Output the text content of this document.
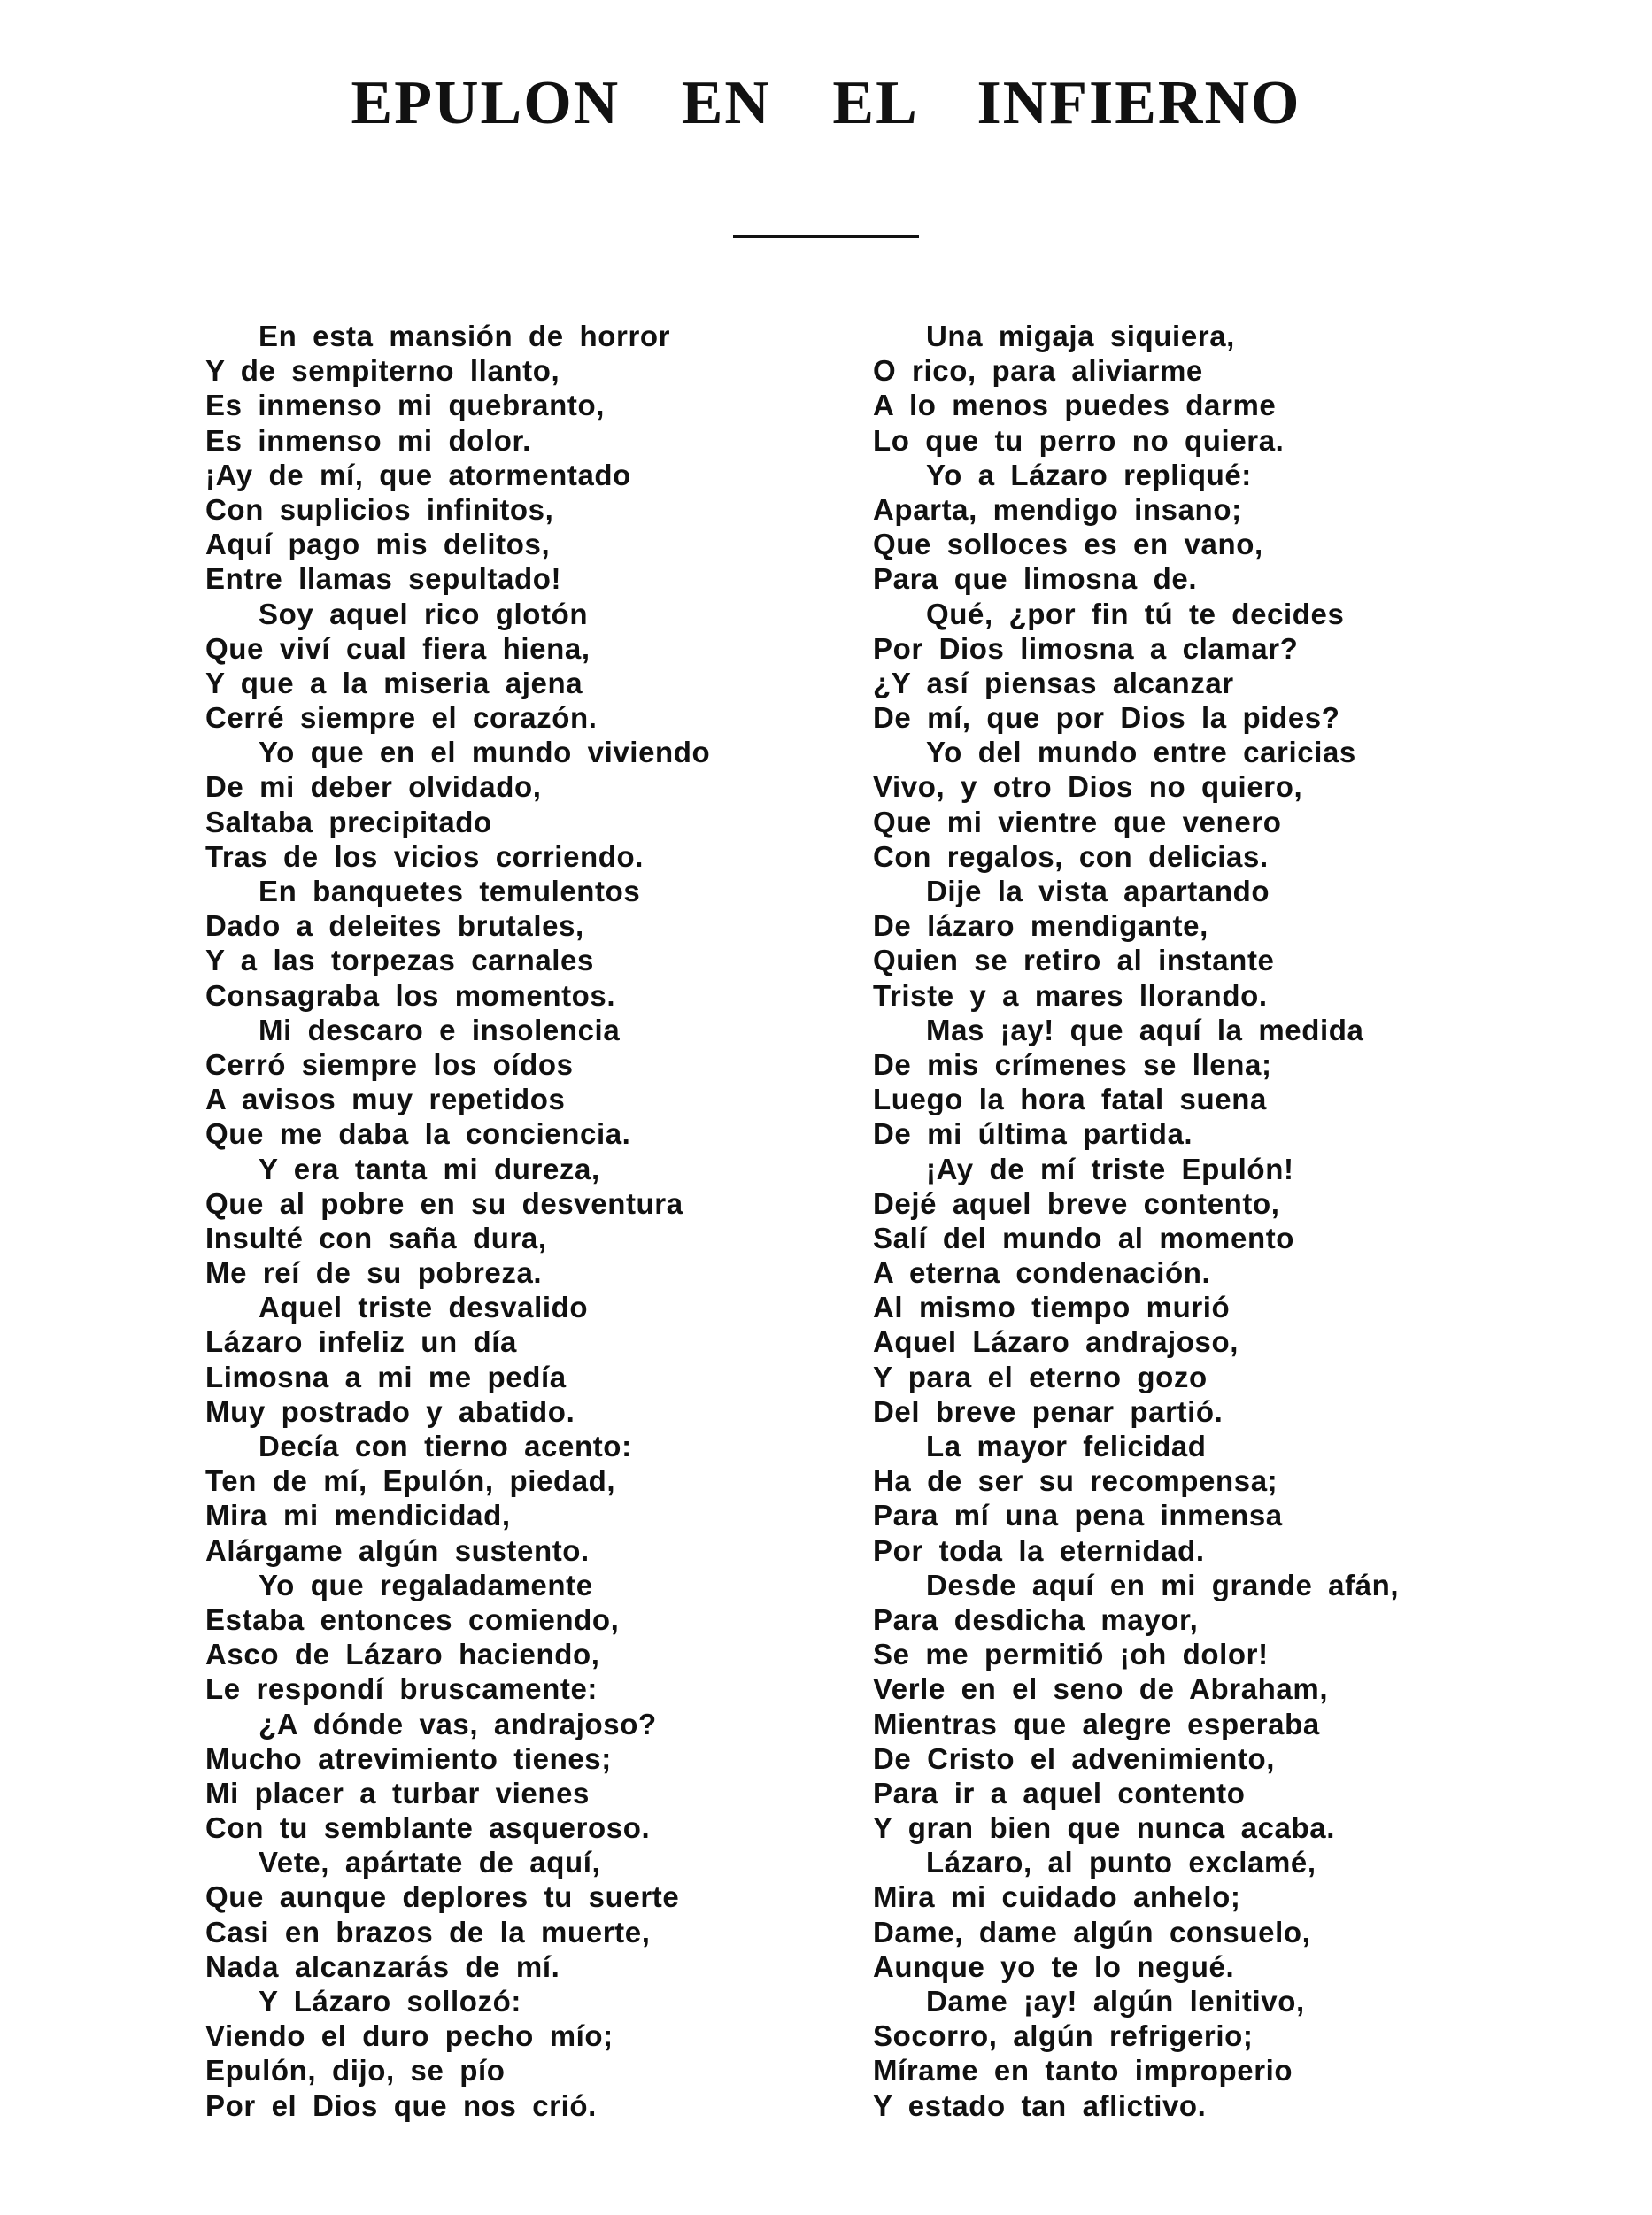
EPULON EN EL INFIERNO
En esta mansión de horror
Y de sempiterno llanto,
Es inmenso mi quebranto,
Es inmenso mi dolor.
¡Ay de mí, que atormentado
Con suplicios infinitos,
Aquí pago mis delitos,
Entre llamas sepultado!
Soy aquel rico glotón
Que viví cual fiera hiena,
Y que a la miseria ajena
Cerré siempre el corazón.
Yo que en el mundo viviendo
De mi deber olvidado,
Saltaba precipitado
Tras de los vicios corriendo.
En banquetes temulentos
Dado a deleites brutales,
Y a las torpezas carnales
Consagraba los momentos.
Mi descaro e insolencia
Cerró siempre los oídos
A avisos muy repetidos
Que me daba la conciencia.
Y era tanta mi dureza,
Que al pobre en su desventura
Insulté con saña dura,
Me reí de su pobreza.
Aquel triste desvalido
Lázaro infeliz un día
Limosna a mi me pedía
Muy postrado y abatido.
Decía con tierno acento:
Ten de mí, Epulón, piedad,
Mira mi mendicidad,
Alárgame algún sustento.
Yo que regaladamente
Estaba entonces comiendo,
Asco de Lázaro haciendo,
Le respondí bruscamente:
¿A dónde vas, andrajoso?
Mucho atrevimiento tienes;
Mi placer a turbar vienes
Con tu semblante asqueroso.
Vete, apártate de aquí,
Que aunque deplores tu suerte
Casi en brazos de la muerte,
Nada alcanzarás de mí.
Y Lázaro sollozó:
Viendo el duro pecho mío;
Epulón, dijo, se pío
Por el Dios que nos crió.
Una migaja siquiera,
O rico, para aliviarme
A lo menos puedes darme
Lo que tu perro no quiera.
Yo a Lázaro repliqué:
Aparta, mendigo insano;
Que solloces es en vano,
Para que limosna de.
Qué, ¿por fin tú te decides
Por Dios limosna a clamar?
¿Y así piensas alcanzar
De mí, que por Dios la pides?
Yo del mundo entre caricias
Vivo, y otro Dios no quiero,
Que mi vientre que venero
Con regalos, con delicias.
Dije la vista apartando
De lázaro mendigante,
Quien se retiro al instante
Triste y a mares llorando.
Mas ¡ay! que aquí la medida
De mis crímenes se llena;
Luego la hora fatal suena
De mi última partida.
¡Ay de mí triste Epulón!
Dejé aquel breve contento,
Salí del mundo al momento
A eterna condenación.
Al mismo tiempo murió
Aquel Lázaro andrajoso,
Y para el eterno gozo
Del breve penar partió.
La mayor felicidad
Ha de ser su recompensa;
Para mí una pena inmensa
Por toda la eternidad.
Desde aquí en mi grande afán,
Para desdicha mayor,
Se me permitió ¡oh dolor!
Verle en el seno de Abraham,
Mientras que alegre esperaba
De Cristo el advenimiento,
Para ir a aquel contento
Y gran bien que nunca acaba.
Lázaro, al punto exclamé,
Mira mi cuidado anhelo;
Dame, dame algún consuelo,
Aunque yo te lo negué.
Dame ¡ay! algún lenitivo,
Socorro, algún refrigerio;
Mírame en tanto improperio
Y estado tan aflictivo.
